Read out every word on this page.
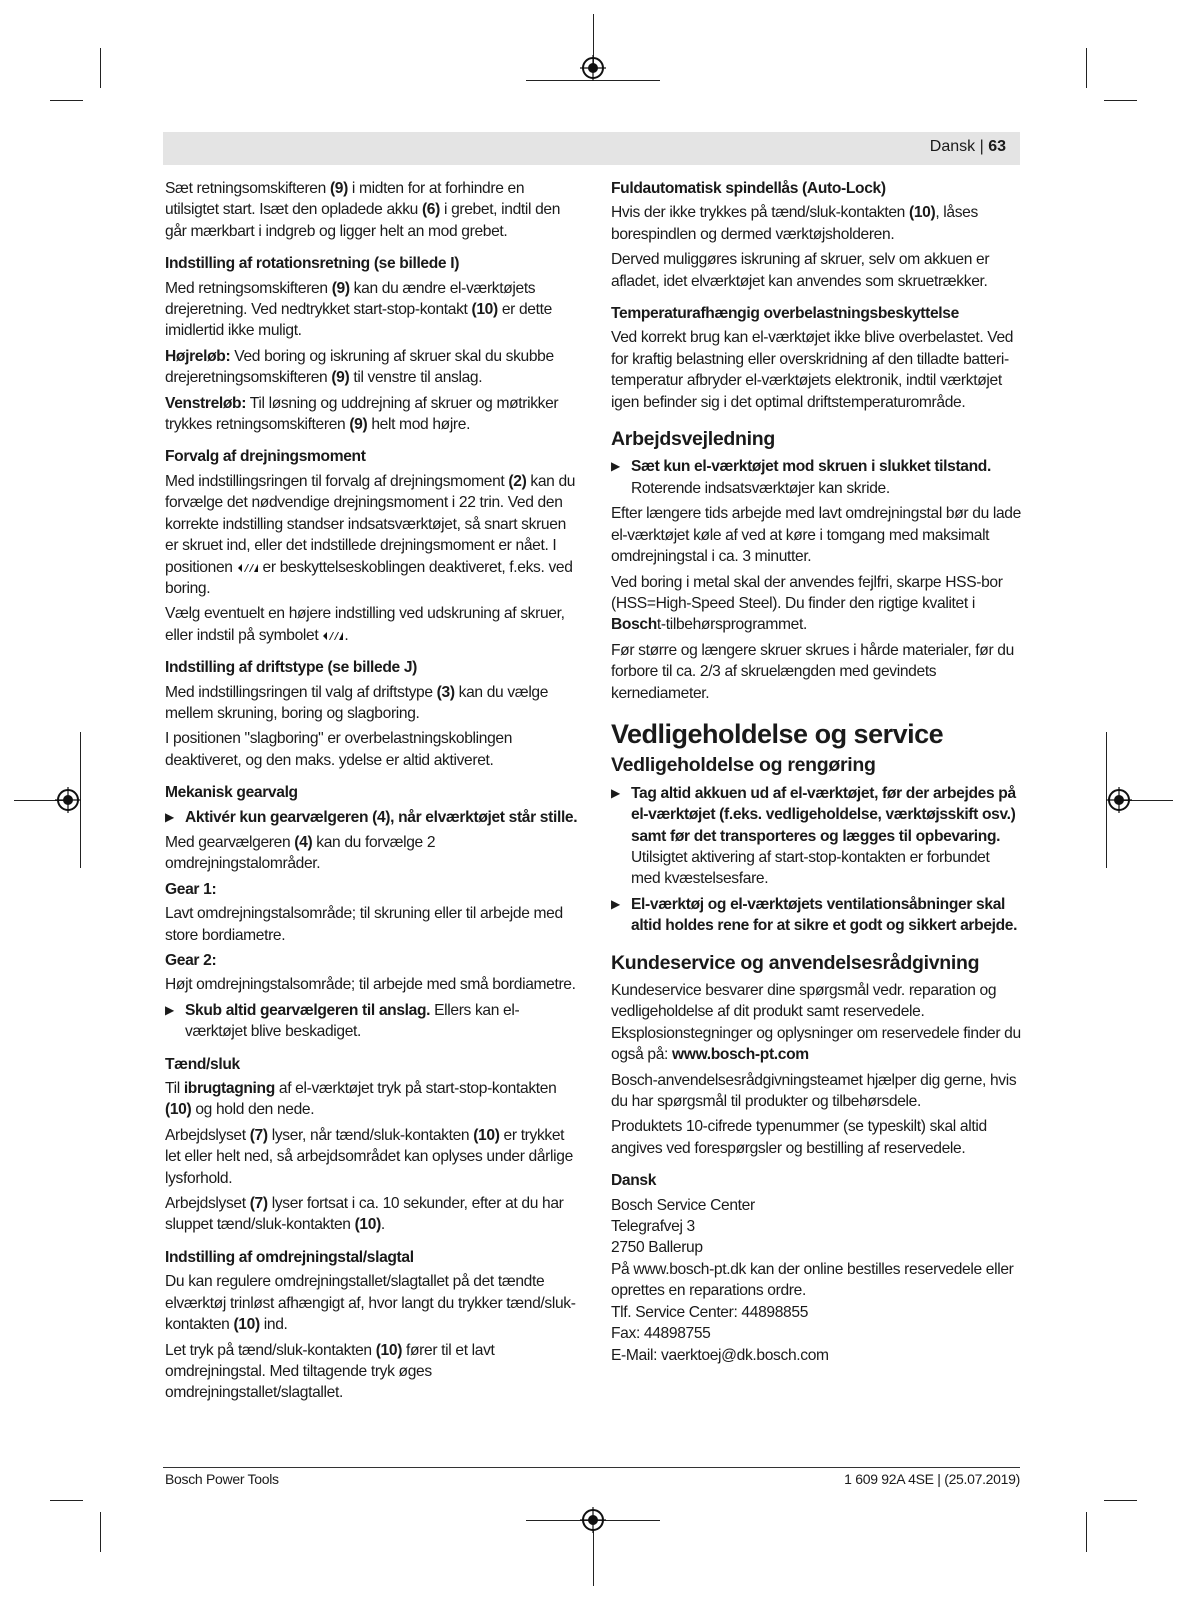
Dansk | 63

Sæt retningsomskifteren (9) i midten for at forhindre en utilsigtet start. Isæt den opladede akku (6) i grebet, indtil den går mærkbart i indgreb og ligger helt an mod grebet.

Indstilling af rotationsretning (se billede I)

Med retningsomskifteren (9) kan du ændre el-værktøjets drejeretning. Ved nedtrykket start-stop-kontakt (10) er dette imidlertid ikke muligt.

Højreløb: Ved boring og iskruning af skruer skal du skubbe drejeretningsomskifteren (9) til venstre til anslag.

Venstreløb: Til løsning og uddrejning af skruer og møtrikker trykkes retningsomskifteren (9) helt mod højre.

Forvalg af drejningsmoment

Med indstillingsringen til forvalg af drejningsmoment (2) kan du forvælge det nødvendige drejningsmoment i 22 trin. Ved den korrekte indstilling standser indsatsværktøjet, så snart skruen er skruet ind, eller det indstillede drejningsmoment er nået. I positionen  er beskyttelseskoblingen deaktiveret, f.eks. ved boring.

Vælg eventuelt en højere indstilling ved udskruning af skruer, eller indstil på symbolet .

Indstilling af driftstype (se billede J)

Med indstillingsringen til valg af driftstype (3) kan du vælge mellem skruning, boring og slagboring.

I positionen "slagboring" er overbelastningskoblingen deaktiveret, og den maks. ydelse er altid aktiveret.

Mekanisk gearvalg

▶ Aktivér kun gearvælgeren (4), når elværktøjet står stille.

Med gearvælgeren (4) kan du forvælge 2 omdrejningstalområder.

Gear 1:

Lavt omdrejningstalsområde; til skruning eller til arbejde med store bordiametre.

Gear 2:

Højt omdrejningstalsområde; til arbejde med små bordiametre.

▶ Skub altid gearvælgeren til anslag. Ellers kan el-værktøjet blive beskadiget.

Tænd/sluk

Til ibrugtagning af el-værktøjet tryk på start-stop-kontakten (10) og hold den nede.

Arbejdslyset (7) lyser, når tænd/sluk-kontakten (10) er trykket let eller helt ned, så arbejdsområdet kan oplyses under dårlige lysforhold.

Arbejdslyset (7) lyser fortsat i ca. 10 sekunder, efter at du har sluppet tænd/sluk-kontakten (10).

Indstilling af omdrejningstal/slagtal

Du kan regulere omdrejningstallet/slagtallet på det tændte elværktøj trinløst afhængigt af, hvor langt du trykker tænd/sluk-kontakten (10) ind.

Let tryk på tænd/sluk-kontakten (10) fører til et lavt omdrejningstal. Med tiltagende tryk øges omdrejningstallet/slagtallet.

Fuldautomatisk spindellås (Auto-Lock)

Hvis der ikke trykkes på tænd/sluk-kontakten (10), låses borespindlen og dermed værktøjsholderen.

Derved muliggøres iskruning af skruer, selv om akkuen er afladet, idet elværktøjet kan anvendes som skruetrækker.

Temperaturafhængig overbelastningsbeskyttelse

Ved korrekt brug kan el-værktøjet ikke blive overbelastet. Ved for kraftig belastning eller overskridning af den tilladte batteri-temperatur afbryder el-værktøjets elektronik, indtil værktøjet igen befinder sig i det optimal driftstemperaturområde.

Arbejdsvejledning

▶ Sæt kun el-værktøjet mod skruen i slukket tilstand. Roterende indsatsværktøjer kan skride.

Efter længere tids arbejde med lavt omdrejningstal bør du lade el-værktøjet køle af ved at køre i tomgang med maksimalt omdrejningstal i ca. 3 minutter.

Ved boring i metal skal der anvendes fejlfri, skarpe HSS-bor (HSS=High-Speed Steel). Du finder den rigtige kvalitet i Boscht-tilbehørsprogrammet.

Før større og længere skruer skrues i hårde materialer, før du forbore til ca. 2/3 af skruelængden med gevindets kernediameter.

Vedligeholdelse og service
Vedligeholdelse og rengøring

▶ Tag altid akkuen ud af el-værktøjet, før der arbejdes på el-værktøjet (f.eks. vedligeholdelse, værktøjsskift osv.) samt før det transporteres og lægges til opbevaring. Utilsigtet aktivering af start-stop-kontakten er forbundet med kvæstelsesfare.

▶ El-værktøj og el-værktøjets ventilationsåbninger skal altid holdes rene for at sikre et godt og sikkert arbejde.

Kundeservice og anvendelsesrådgivning

Kundeservice besvarer dine spørgsmål vedr. reparation og vedligeholdelse af dit produkt samt reservedele. Eksplosionstegninger og oplysninger om reservedele finder du også på: www.bosch-pt.com

Bosch-anvendelsesrådgivningsteamet hjælper dig gerne, hvis du har spørgsmål til produkter og tilbehørsdele.

Produktets 10-cifrede typenummer (se typeskilt) skal altid angives ved forespørgsler og bestilling af reservedele.

Dansk

Bosch Service Center

Telegrafvej 3

2750 Ballerup

På www.bosch-pt.dk kan der online bestilles reservedele eller oprettes en reparations ordre.

Tlf. Service Center: 44898855

Fax: 44898755

E-Mail: vaerktoej@dk.bosch.com

Bosch Power Tools	1 609 92A 4SE | (25.07.2019)
